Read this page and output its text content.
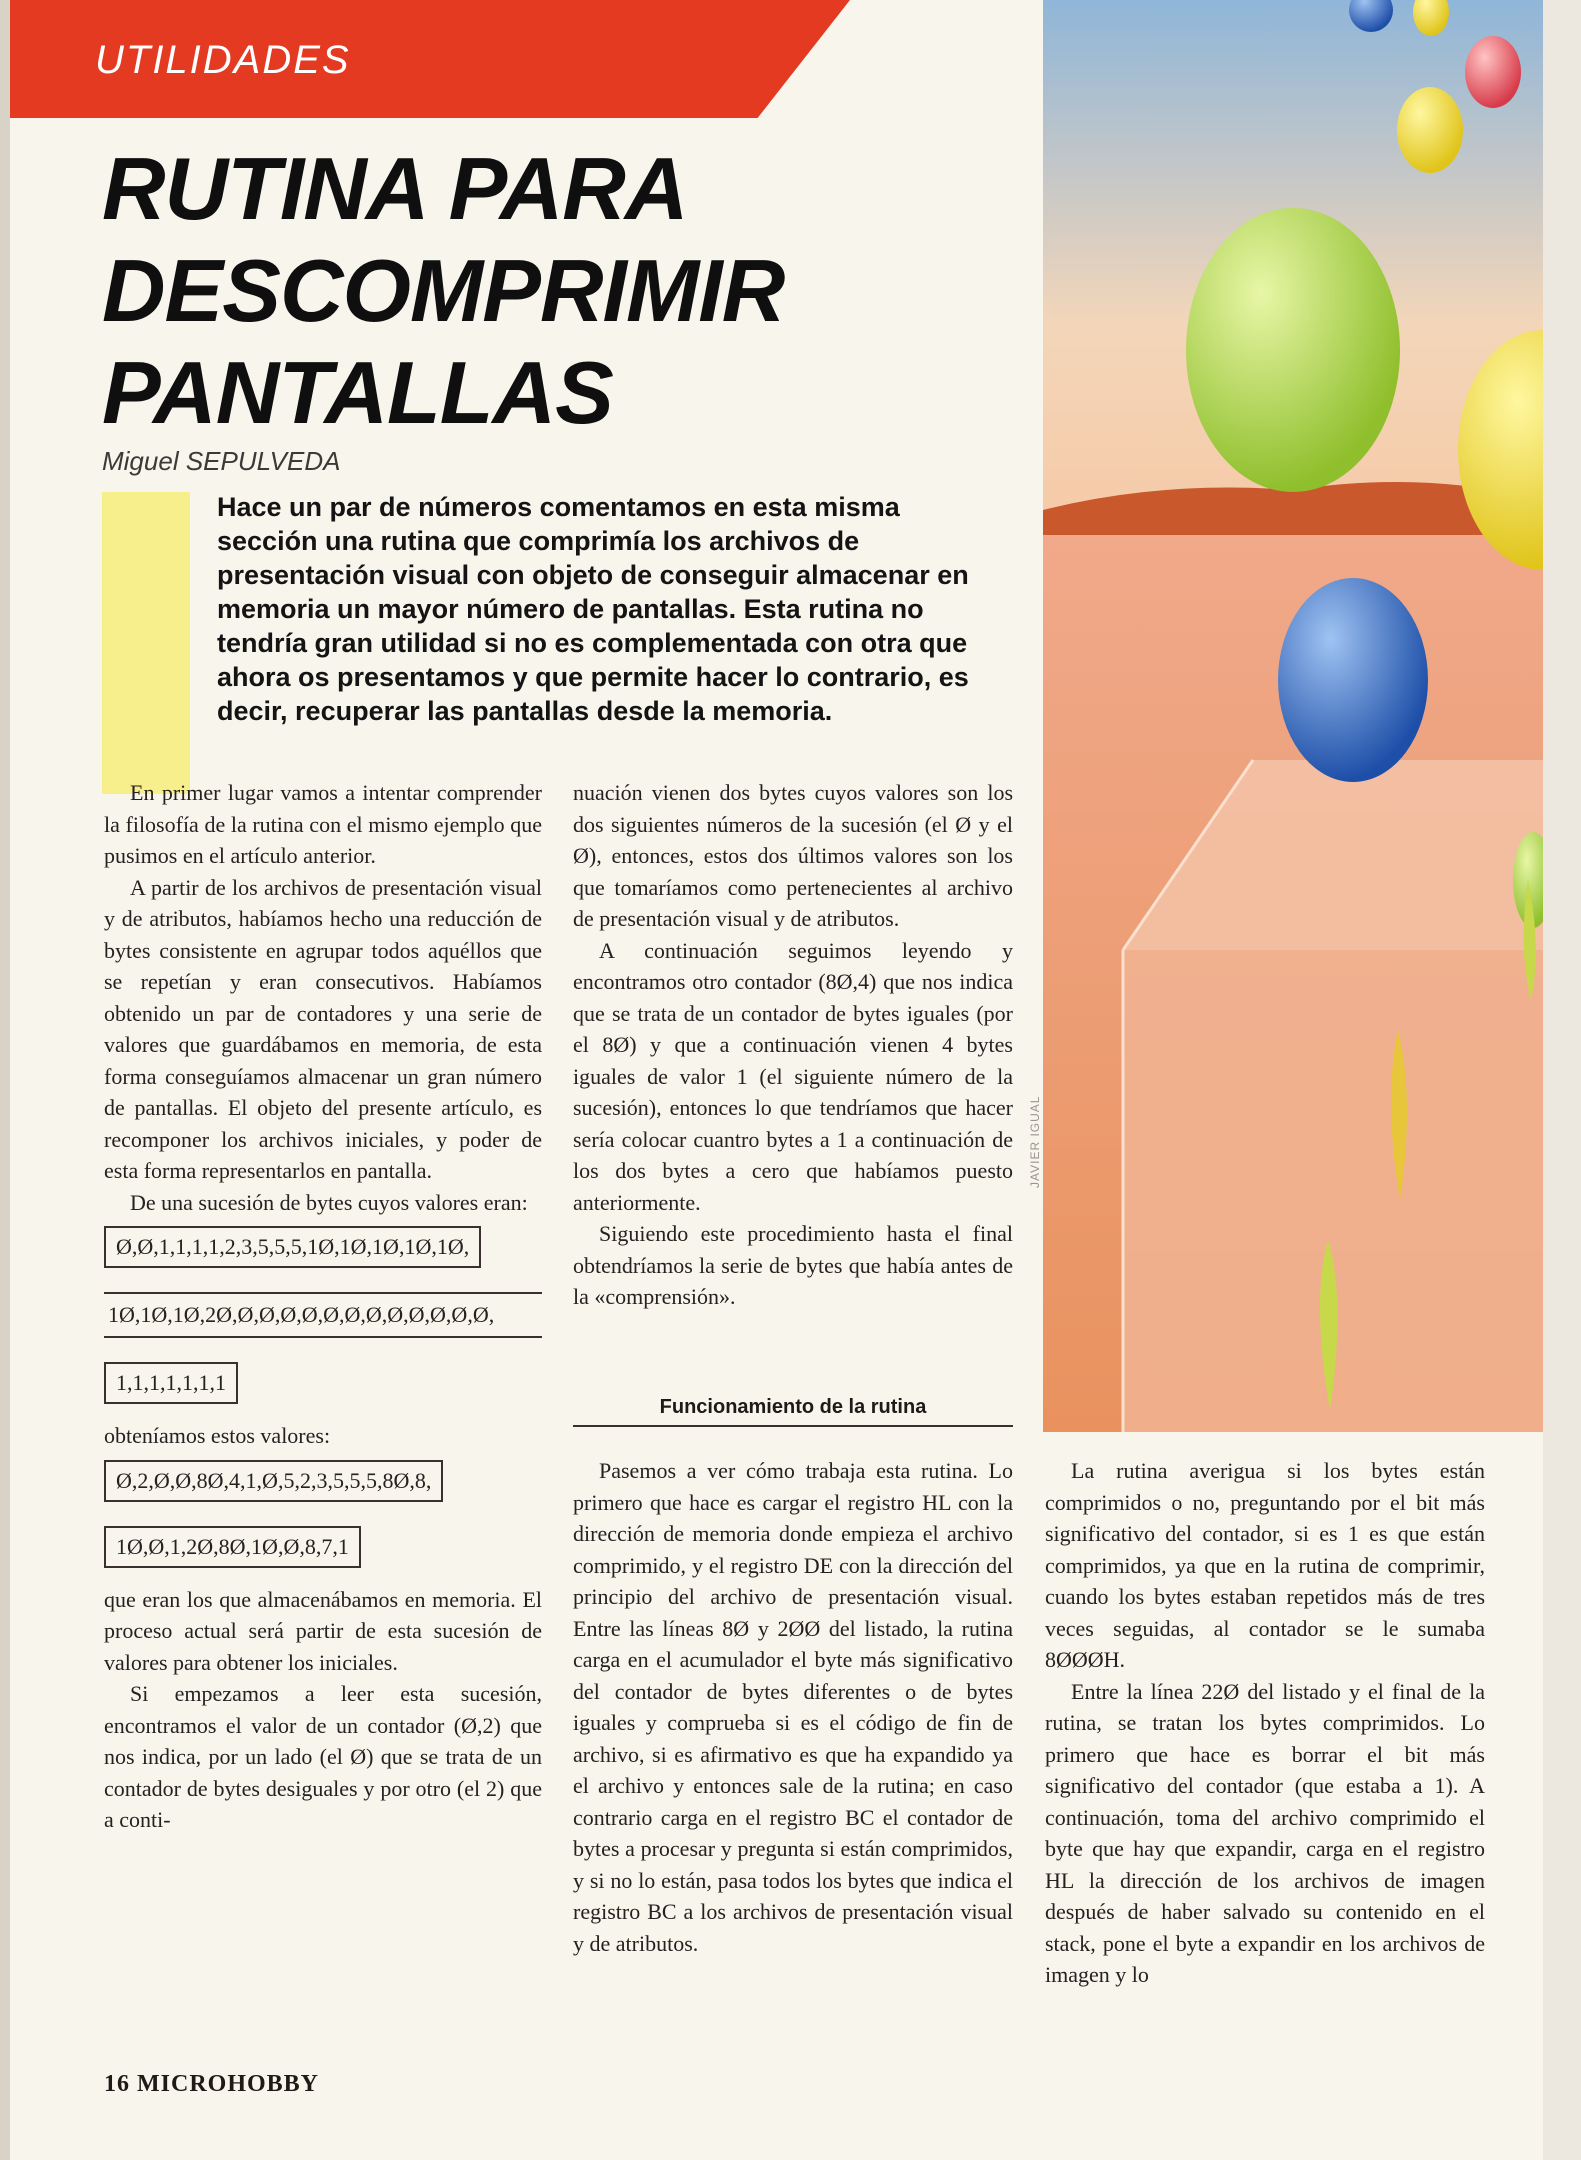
UTILIDADES
RUTINA PARA
DESCOMPRIMIR
PANTALLAS
Miguel SEPULVEDA

Hace un par de números comentamos en esta misma sección una rutina que comprimía los archivos de presentación visual con objeto de conseguir almacenar en memoria un mayor número de pantallas. Esta rutina no tendría gran utilidad si no es complementada con otra que ahora os presentamos y que permite hacer lo contrario, es decir, recuperar las pantallas desde la memoria.

En primer lugar vamos a intentar comprender la filosofía de la rutina con el mismo ejemplo que pusimos en el artículo anterior.

A partir de los archivos de presentación visual y de atributos, habíamos hecho una reducción de bytes consistente en agrupar todos aquéllos que se repetían y eran consecutivos. Habíamos obtenido un par de contadores y una serie de valores que guardábamos en memoria, de esta forma conseguíamos almacenar un gran número de pantallas. El objeto del presente artículo, es recomponer los archivos iniciales, y poder de esta forma representarlos en pantalla.

De una sucesión de bytes cuyos valores eran:

Ø,Ø,1,1,1,1,2,3,5,5,5,1Ø,1Ø,1Ø,1Ø,1Ø,
1Ø,1Ø,1Ø,2Ø,Ø,Ø,Ø,Ø,Ø,Ø,Ø,Ø,Ø,Ø,Ø,Ø,
1,1,1,1,1,1,1

obteníamos estos valores:

Ø,2,Ø,Ø,8Ø,4,1,Ø,5,2,3,5,5,5,8Ø,8, 1Ø,Ø,1,2Ø,8Ø,1Ø,Ø,8,7,1

que eran los que almacenábamos en memoria. El proceso actual será partir de esta sucesión de valores para obtener los iniciales.

Si empezamos a leer esta sucesión, encontramos el valor de un contador (Ø,2) que nos indica, por un lado (el Ø) que se trata de un contador de bytes desiguales y por otro (el 2) que a conti-

nuación vienen dos bytes cuyos valores son los dos siguientes números de la sucesión (el Ø y el Ø), entonces, estos dos últimos valores son los que tomaríamos como pertenecientes al archivo de presentación visual y de atributos.

A continuación seguimos leyendo y encontramos otro contador (8Ø,4) que nos indica que se trata de un contador de bytes iguales (por el 8Ø) y que a continuación vienen 4 bytes iguales de valor 1 (el siguiente número de la sucesión), entonces lo que tendríamos que hacer sería colocar cuantro bytes a 1 a continuación de los dos bytes a cero que habíamos puesto anteriormente.

Siguiendo este procedimiento hasta el final obtendríamos la serie de bytes que había antes de la «comprensión».

Funcionamiento de la rutina

Pasemos a ver cómo trabaja esta rutina. Lo primero que hace es cargar el registro HL con la dirección de memoria donde empieza el archivo comprimido, y el registro DE con la dirección del principio del archivo de presentación visual. Entre las líneas 8Ø y 2ØØ del listado, la rutina carga en el acumulador el byte más significativo del contador de bytes diferentes o de bytes iguales y comprueba si es el código de fin de archivo, si es afirmativo es que ha expandido ya el archivo y entonces sale de la rutina; en caso contrario carga en el registro BC el contador de bytes a procesar y pregunta si están comprimidos, y si no lo están, pasa todos los bytes que indica el registro BC a los archivos de presentación visual y de atributos.

La rutina averigua si los bytes están comprimidos o no, preguntando por el bit más significativo del contador, si es 1 es que están comprimidos, ya que en la rutina de comprimir, cuando los bytes estaban repetidos más de tres veces seguidas, al contador se le sumaba 8ØØØH.

Entre la línea 22Ø del listado y el final de la rutina, se tratan los bytes comprimidos. Lo primero que hace es borrar el bit más significativo del contador (que estaba a 1). A continuación, toma del archivo comprimido el byte que hay que expandir, carga en el registro HL la dirección de los archivos de imagen después de haber salvado su contenido en el stack, pone el byte a expandir en los archivos de imagen y lo

JAVIER IGUAL
16 MICROHOBBY
